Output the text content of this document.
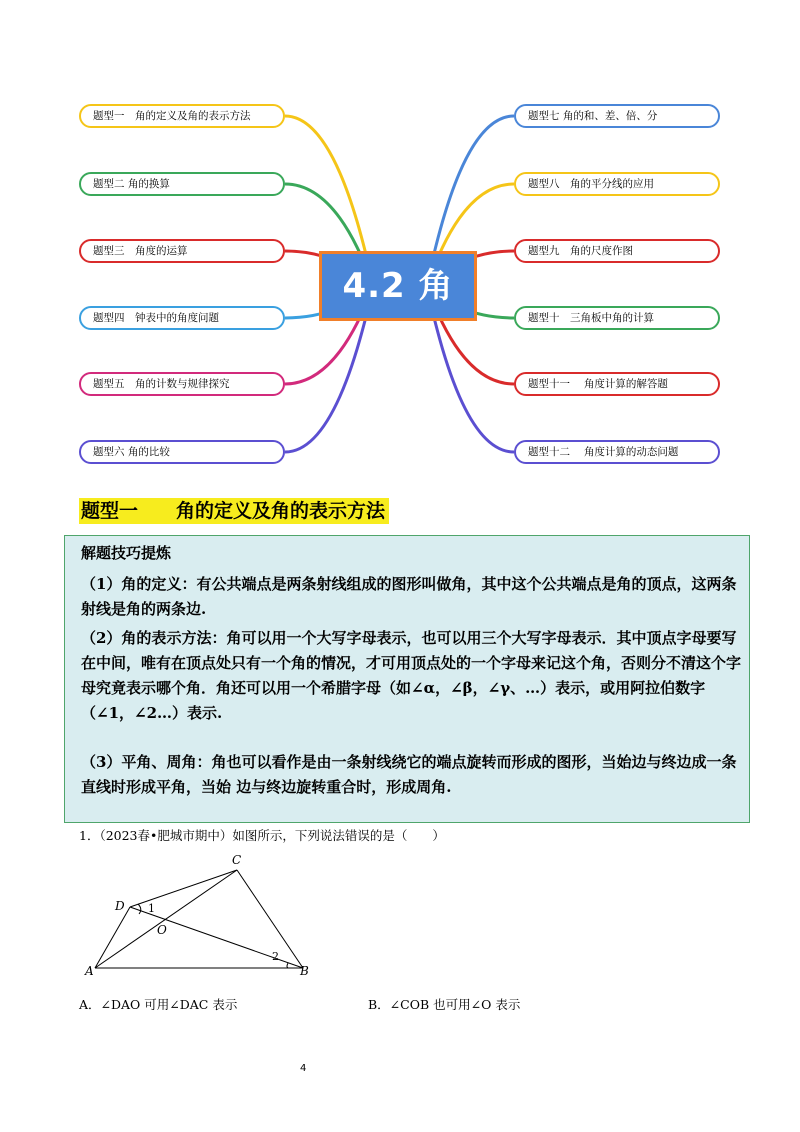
4.2 角
题型一　　角的定义及角的表示方法
解题技巧提炼

（1）角的定义：有公共端点是两条射线组成的图形叫做角，其中这个公共端点是角的顶点，这两条射线是角的两条边.

（2）角的表示方法：角可以用一个大写字母表示，也可以用三个大写字母表示．其中顶点字母要写在中间，唯有在顶点处只有一个角的情况，才可用顶点处的一个字母来记这个角，否则分不清这个字母究竟表示哪个角．角还可以用一个希腊字母（如∠α，∠β，∠γ、…）表示，或用阿拉伯数字（∠1，∠2…）表示.

（3）平角、周角：角也可以看作是由一条射线绕它的端点旋转而形成的图形，当始边与终边成一条直线时形成平角，当始 边与终边旋转重合时，形成周角.

1．（2023春•肥城市期中）如图所示，下列说法错误的是（　　）
C
D
O
A	B
1
2
A．∠DAO 可用∠DAC 表示	B．∠COB 也可用∠O 表示
4
题型一　角的定义及角的表示方法
题型二 角的换算
题型三　角度的运算
题型四　钟表中的角度问题
题型五　角的计数与规律探究
题型六 角的比较
题型七 角的和、差、倍、分
题型八　角的平分线的应用
题型九　角的尺度作图
题型十　三角板中角的计算
题型十一　 角度计算的解答题
题型十二　 角度计算的动态问题
